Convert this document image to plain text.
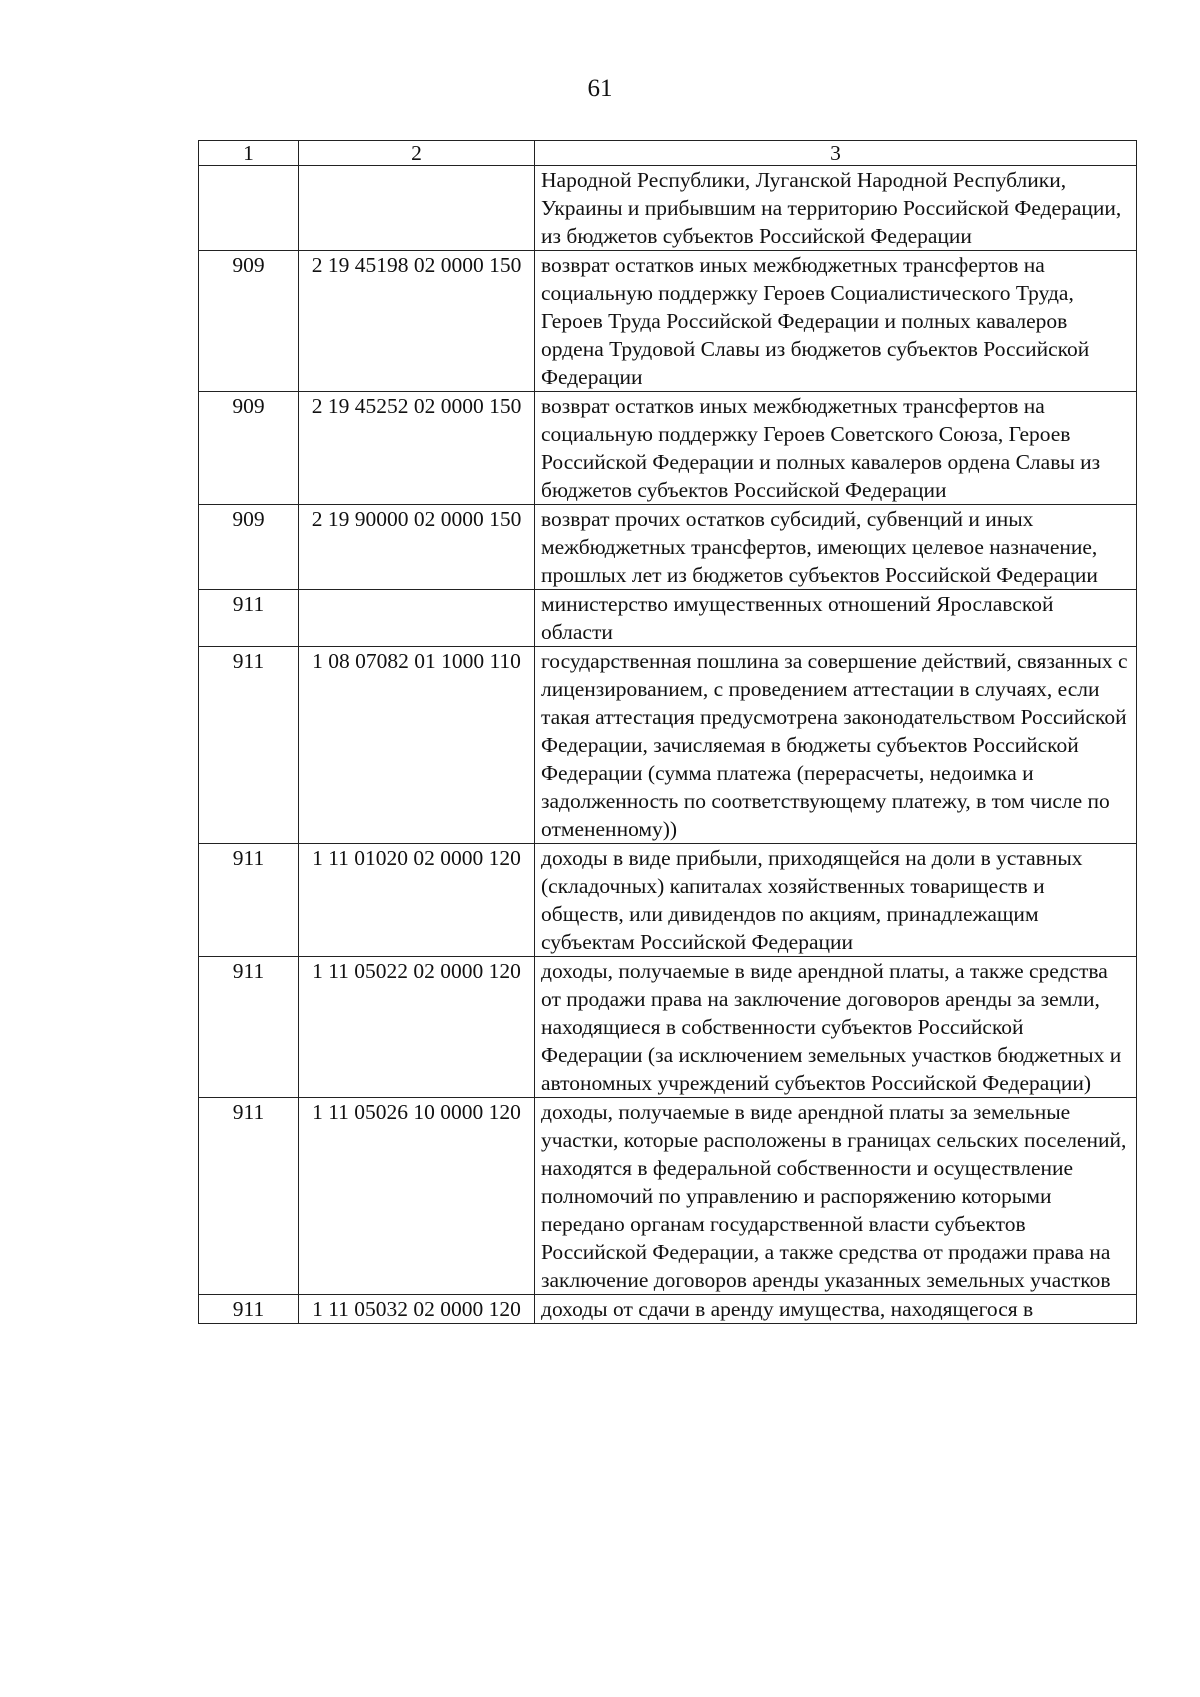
61
1	2	3
		Народной Республики, Луганской Народной Республики, Украины и прибывшим на территорию Российской Федерации, из бюджетов субъектов Российской Федерации
909	2 19 45198 02 0000 150	возврат остатков иных межбюджетных трансфертов на социальную поддержку Героев Социалистического Труда, Героев Труда Российской Федерации и полных кавалеров ордена Трудовой Славы из бюджетов субъектов Российской Федерации
909	2 19 45252 02 0000 150	возврат остатков иных межбюджетных трансфертов на социальную поддержку Героев Советского Союза, Героев Российской Федерации и полных кавалеров ордена Славы из бюджетов субъектов Российской Федерации
909	2 19 90000 02 0000 150	возврат прочих остатков субсидий, субвенций и иных межбюджетных трансфертов, имеющих целевое назначение, прошлых лет из бюджетов субъектов Российской Федерации
911		министерство имущественных отношений Ярославской области
911	1 08 07082 01 1000 110	государственная пошлина за совершение действий, связанных с лицензированием, с проведением аттестации в случаях, если такая аттестация предусмотрена законодательством Российской Федерации, зачисляемая в бюджеты субъектов Российской Федерации (сумма платежа (перерасчеты, недоимка и задолженность по соответствующему платежу, в том числе по отмененному))
911	1 11 01020 02 0000 120	доходы в виде прибыли, приходящейся на доли в уставных (складочных) капиталах хозяйственных товариществ и обществ, или дивидендов по акциям, принадлежащим субъектам Российской Федерации
911	1 11 05022 02 0000 120	доходы, получаемые в виде арендной платы, а также средства от продажи права на заключение договоров аренды за земли, находящиеся в собственности субъектов Российской Федерации (за исключением земельных участков бюджетных и автономных учреждений субъектов Российской Федерации)
911	1 11 05026 10 0000 120	доходы, получаемые в виде арендной платы за земельные участки, которые расположены в границах сельских поселений, находятся в федеральной собственности и осуществление полномочий по управлению и распоряжению которыми передано органам государственной власти субъектов Российской Федерации, а также средства от продажи права на заключение договоров аренды указанных земельных участков
911	1 11 05032 02 0000 120	доходы от сдачи в аренду имущества, находящегося в
